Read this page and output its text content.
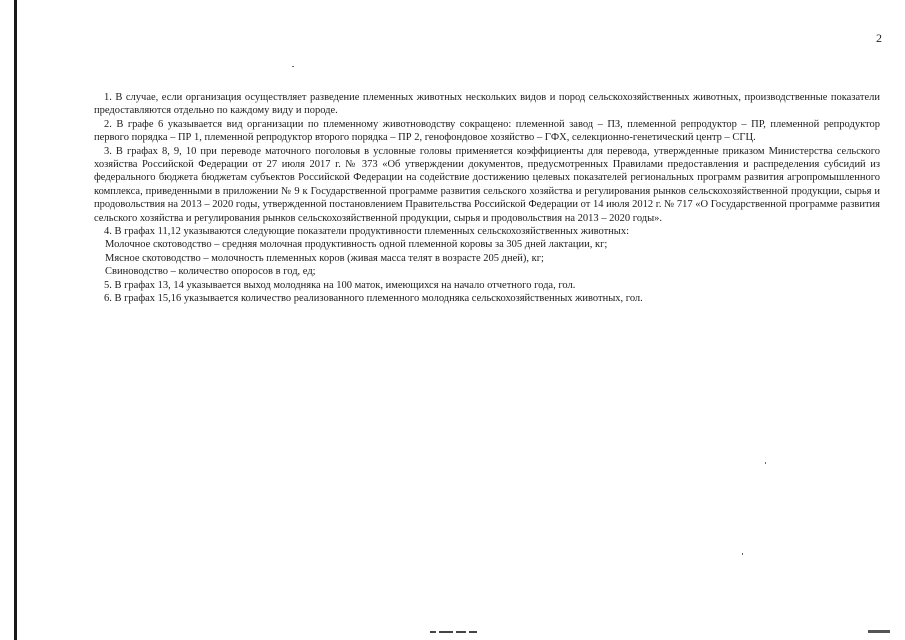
2

1. В случае, если организация осуществляет разведение племенных животных нескольких видов и пород сельскохозяйственных животных, производственные показатели предоставляются отдельно по каждому виду и породе.

2. В графе 6 указывается вид организации по племенному животноводству сокращено: племенной завод – ПЗ, племенной репродуктор – ПР, племенной репродуктор первого порядка – ПР 1, племенной репродуктор второго порядка – ПР 2, генофондовое хозяйство – ГФХ, селекционно-генетический центр – СГЦ.

3. В графах 8, 9, 10 при переводе маточного поголовья в условные головы применяется коэффициенты для перевода, утвержденные приказом Министерства сельского хозяйства Российской Федерации от 27 июля 2017 г. № 373 «Об утверждении документов, предусмотренных Правилами предоставления и распределения субсидий из федерального бюджета бюджетам субъектов Российской Федерации на содействие достижению целевых показателей региональных программ развития агропромышленного комплекса, приведенными в приложении № 9 к Государственной программе развития сельского хозяйства и регулирования рынков сельскохозяйственной продукции, сырья и продовольствия на 2013 – 2020 годы, утвержденной постановлением Правительства Российской Федерации от 14 июля 2012 г. № 717 «О Государственной программе развития сельского хозяйства и регулирования рынков сельскохозяйственной продукции, сырья и продовольствия на 2013 – 2020 годы».

4. В графах 11,12 указываются следующие показатели продуктивности племенных сельскохозяйственных животных:

Молочное скотоводство – средняя молочная продуктивность одной племенной коровы за 305 дней лактации, кг;

Мясное скотоводство – молочность племенных коров (живая масса телят в возрасте 205 дней), кг;

Свиноводство – количество опоросов в год, ед;

5. В графах 13, 14 указывается выход молодняка на 100 маток, имеющихся на начало отчетного года, гол.

6. В графах 15,16 указывается количество реализованного племенного молодняка сельскохозяйственных животных, гол.
